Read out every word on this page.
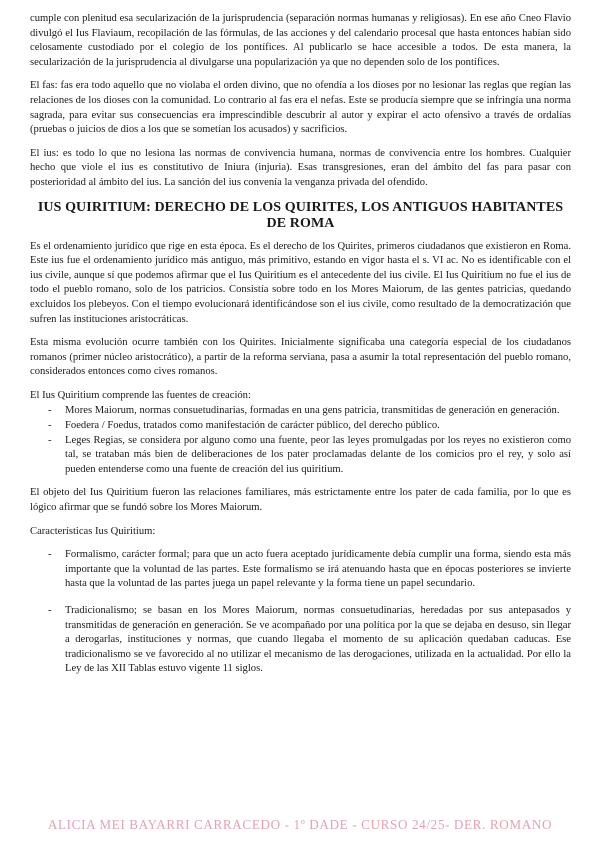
cumple con plenitud esa secularización de la jurisprudencia (separación normas humanas y religiosas). En ese año Cneo Flavio divulgó el Ius Flaviaum, recopilación de las fórmulas, de las acciones y del calendario procesal que hasta entonces habían sido celosamente custodiado por el colegio de los pontífices. Al publicarlo se hace accesible a todos. De esta manera, la secularización de la jurisprudencia al divulgarse una popularización ya que no dependen solo de los pontífices.

El fas: fas era todo aquello que no violaba el orden divino, que no ofendía a los dioses por no lesionar las reglas que regían las relaciones de los dioses con la comunidad. Lo contrario al fas era el nefas. Este se producía siempre que se infringía una norma sagrada, para evitar sus consecuencias era imprescindible descubrir al autor y expirar el acto ofensivo a través de ordalías (pruebas o juicios de dios a los que se sometían los acusados) y sacrificios.

El ius: es todo lo que no lesiona las normas de convivencia humana, normas de convivencia entre los hombres. Cualquier hecho que viole el ius es constitutivo de Iniura (injuria). Esas transgresiones, eran del ámbito del fas para pasar con posterioridad al ámbito del ius. La sanción del ius convenía la venganza privada del ofendido.

IUS QUIRITIUM: DERECHO DE LOS QUIRITES, LOS ANTIGUOS HABITANTES DE ROMA

Es el ordenamiento jurídico que rige en esta época. Es el derecho de los Quirites, primeros ciudadanos que existieron en Roma. Este ius fue el ordenamiento jurídico más antiguo, más primitivo, estando en vigor hasta el s. VI ac. No es identificable con el ius civile, aunque sí que podemos afirmar que el Ius Quiritium es el antecedente del ius civile. El Ius Quiritium no fue el ius de todo el pueblo romano, solo de los patricios. Consistía sobre todo en los Mores Maiorum, de las gentes patricias, quedando excluidos los plebeyos. Con el tiempo evolucionará identificándose son el ius civile, como resultado de la democratización que sufren las instituciones aristocráticas.

Esta misma evolución ocurre también con los Quirites. Inicialmente significaba una categoría especial de los ciudadanos romanos (primer núcleo aristocrático), a partir de la reforma serviana, pasa a asumir la total representación del pueblo romano, considerados entonces como cives romanos.

El Ius Quiritium comprende las fuentes de creación:

- Mores Maiorum, normas consuetudinarias, formadas en una gens patricia, transmitidas de generación en generación.
- Foedera / Foedus, tratados como manifestación de carácter público, del derecho público.
- Leges Regias, se considera por alguno como una fuente, peor las leyes promulgadas por los reyes no existieron como tal, se trataban más bien de deliberaciones de los pater proclamadas delante de los comicios pro el rey, y solo así pueden entenderse como una fuente de creación del ius quiritium.

El objeto del Ius Quiritium fueron las relaciones familiares, más estrictamente entre los pater de cada familia, por lo que es lógico afirmar que se fundó sobre los Mores Maiorum.

Características Ius Quiritium:

- Formalismo, carácter formal; para que un acto fuera aceptado jurídicamente debía cumplir una forma, siendo esta más importante que la voluntad de las partes. Este formalismo se irá atenuando hasta que en épocas posteriores se invierte hasta que la voluntad de las partes juega un papel relevante y la forma tiene un papel secundario.
- Tradicionalismo; se basan en los Mores Maiorum, normas consuetudinarias, heredadas por sus antepasados y transmitidas de generación en generación. Se ve acompañado por una política por la que se dejaba en desuso, sin llegar a derogarlas, instituciones y normas, que cuando llegaba el momento de su aplicación quedaban caducas. Ese tradicionalismo se ve favorecido al no utilizar el mecanismo de las derogaciones, utilizada en la actualidad. Por ello la Ley de las XII Tablas estuvo vigente 11 siglos.
ALICIA MEI BAYARRI CARRACEDO - 1º DADE - CURSO 24/25- DER. ROMANO
